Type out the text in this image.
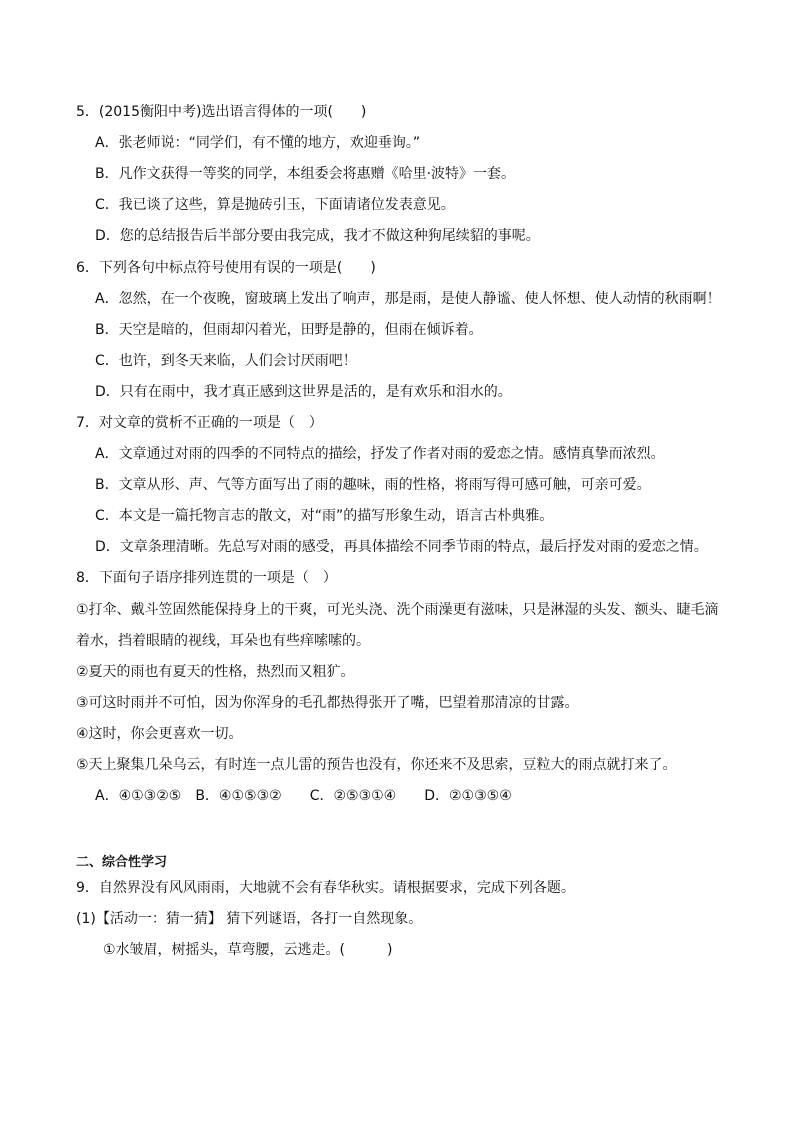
5．(2015衡阳中考)选出语言得体的一项(　　)
A．张老师说：“同学们，有不懂的地方，欢迎垂询。”
B．凡作文获得一等奖的同学，本组委会将惠赠《哈里·波特》一套。
C．我已谈了这些，算是抛砖引玉，下面请诸位发表意见。
D．您的总结报告后半部分要由我完成，我才不做这种狗尾续貂的事呢。
6．下列各句中标点符号使用有误的一项是(　　)
A．忽然，在一个夜晚，窗玻璃上发出了响声，那是雨，是使人静谧、使人怀想、使人动情的秋雨啊！
B．天空是暗的，但雨却闪着光，田野是静的，但雨在倾诉着。
C．也许，到冬天来临，人们会讨厌雨吧！
D．只有在雨中，我才真正感到这世界是活的，是有欢乐和泪水的。
7．对文章的赏析不正确的一项是（　）
A．文章通过对雨的四季的不同特点的描绘，抒发了作者对雨的爱恋之情。感情真挚而浓烈。
B．文章从形、声、气等方面写出了雨的趣味，雨的性格，将雨写得可感可触，可亲可爱。
C．本文是一篇托物言志的散文，对“雨”的描写形象生动，语言古朴典雅。
D．文章条理清晰。先总写对雨的感受，再具体描绘不同季节雨的特点，最后抒发对雨的爱恋之情。
8．下面句子语序排列连贯的一项是（　）
①打伞、戴斗笠固然能保持身上的干爽，可光头浇、洗个雨澡更有滋味，只是淋湿的头发、额头、睫毛滴
着水，挡着眼睛的视线，耳朵也有些痒嗦嗦的。
②夏天的雨也有夏天的性格，热烈而又粗犷。
③可这时雨并不可怕，因为你浑身的毛孔都热得张开了嘴，巴望着那清凉的甘露。
④这时，你会更喜欢一切。
⑤天上聚集几朵乌云，有时连一点儿雷的预告也没有，你还来不及思索，豆粒大的雨点就打来了。
A．④①③②⑤　B．④①⑤③②　　C．②⑤③①④　　D．②①③⑤④
二、综合性学习
9．自然界没有风风雨雨，大地就不会有春华秋实。请根据要求，完成下列各题。
(1)【活动一：猜一猜】 猜下列谜语，各打一自然现象。
①水皱眉，树摇头，草弯腰，云逃走。(　　　)
